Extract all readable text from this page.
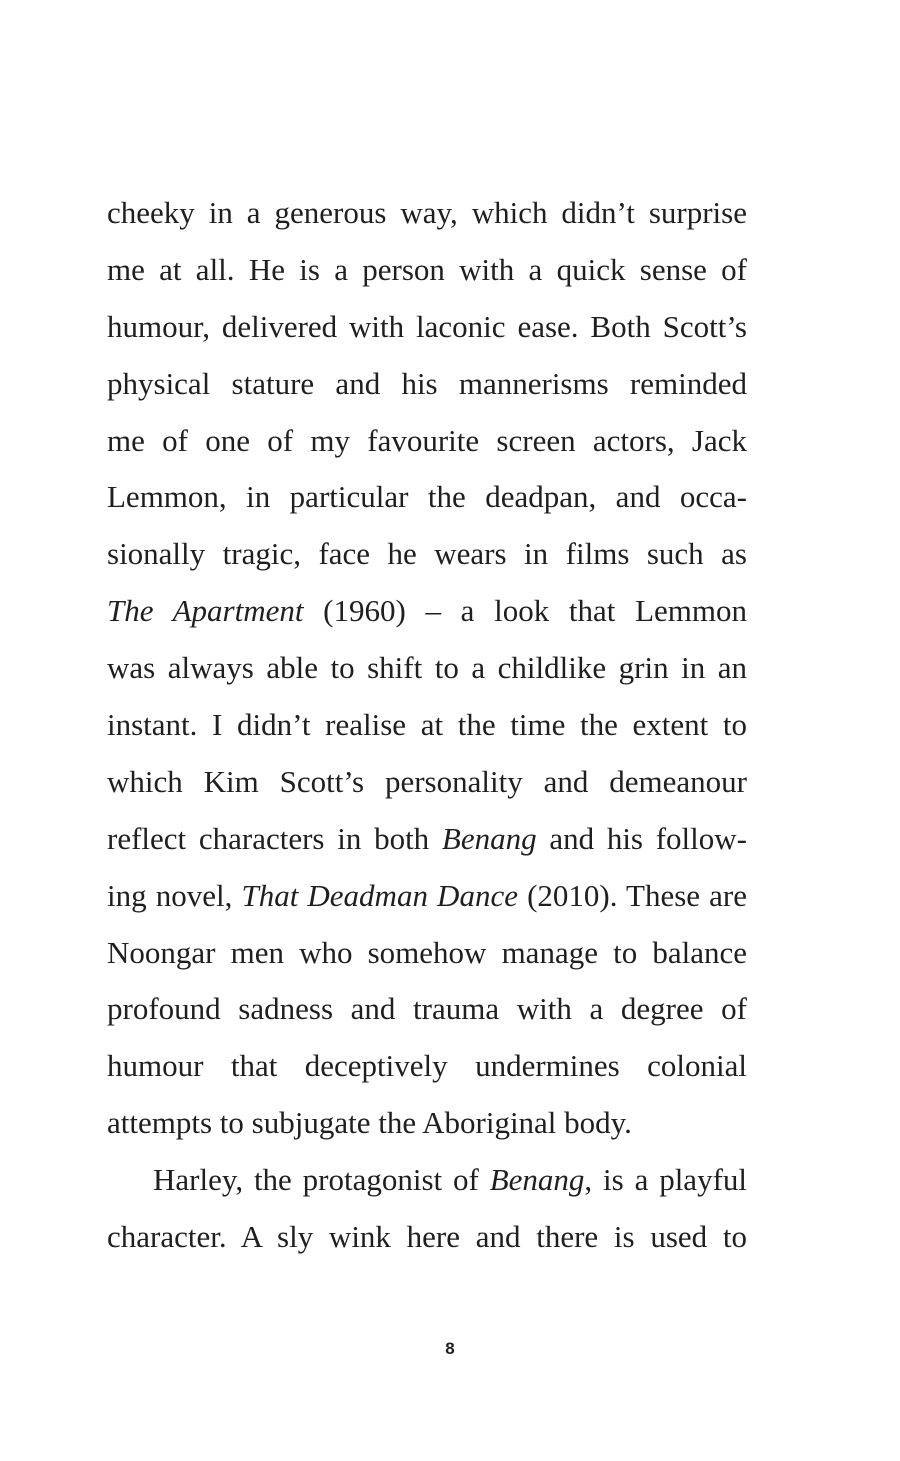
cheeky in a generous way, which didn’t surprise
me at all. He is a person with a quick sense of
humour, delivered with laconic ease. Both Scott’s
physical stature and his mannerisms reminded
me of one of my favourite screen actors, Jack
Lemmon, in particular the deadpan, and occa-
sionally tragic, face he wears in films such as
The Apartment (1960) – a look that Lemmon
was always able to shift to a childlike grin in an
instant. I didn’t realise at the time the extent to
which Kim Scott’s personality and demeanour
reflect characters in both Benang and his follow-
ing novel, That Deadman Dance (2010). These are
Noongar men who somehow manage to balance
profound sadness and trauma with a degree of
humour that deceptively undermines colonial
attempts to subjugate the Aboriginal body.
Harley, the protagonist of Benang, is a playful
character. A sly wink here and there is used to
8
